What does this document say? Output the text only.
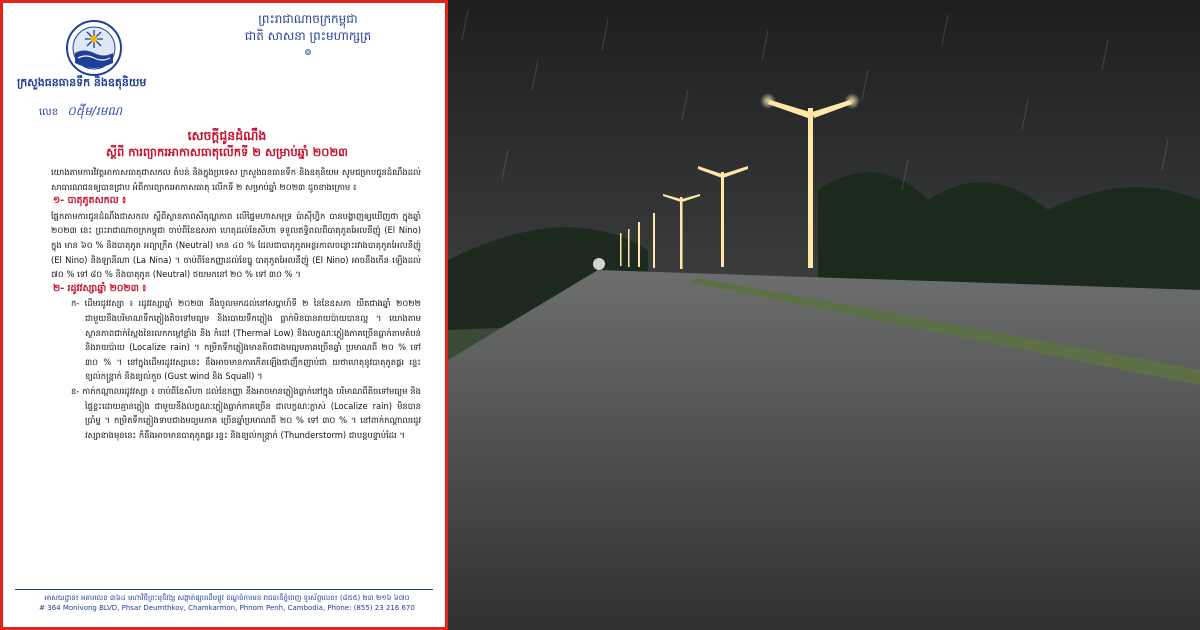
ព្រះរាជាណាចក្រកម្ពុជា
ជាតិ សាសនា ព្រះមហាក្សត្រ
៙
ក្រសួងធនធានទឹក និងឧតុនិយម
លេខ ០៥៉ីម/រមណ
សេចក្ដីជូនដំណឹង
ស្ដីពី ការព្យាករអាកាសធាតុលើកទី ២ សម្រាប់ឆ្នាំ ២០២៣

យោងតាមការវិវត្តអាកាសធាតុជាសកល តំបន់ និងក្នុងប្រទេស ក្រសួងធនធានទឹក និងឧតុនិយម សូមជម្រាបជូនដំណឹងដល់សាធារណជនឲ្យបានជ្រាប អំពីការព្យាករអាកាសធាតុ លើកទី ២ សម្រាប់ឆ្នាំ ២០២៣ ដូចខាងក្រោម ៖

១- បាតុភូតសកល ៖

ផ្អែកតាមការជូនដំណឹងជាសកល ស្ដីពីស្ថានភាពសីតុណ្ហភាព លើផ្ទៃមហាសមុទ្រ ប៉ាស៊ីហ្វិក បានបង្ហាញឲ្យឃើញថា ក្នុងឆ្នាំ ២០២៣ នេះ ព្រះរាជាណាចក្រកម្ពុជា ចាប់ពីខែឧសភា ហេតុដល់ខែសីហា ទទួលឥទ្ធិពលពីបាតុភូតអែលនីញ៉ូ (El Nino) ក្នុង មាន ៦០ % និងបាតុភូត អព្យាក្រឹត (Neutral) មាន ៤០ % ដែលជាបាតុភូតអន្តរកាលចន្លោះរវាងបាតុភូតអែលនីញ៉ូ (El Nino) និងឡានីណា (La Nina) ។ ចាប់ពីខែកញ្ញាដល់ខែធ្នូ បាតុភូតអែលនីញ៉ូ (El Nino) អាចនឹងកើន ឡើងដល់ ៧០ % ទៅ ៨០ % និងបាតុភូត (Neutral) ថយមកនៅ ២០ % ទៅ ៣០ % ។

២- រដូវវស្សាឆ្នាំ ២០២៣ ៖

ក- ដើមរដូវវស្សា ៖ រដូវវស្សាឆ្នាំ ២០២៣ នឹងចូលមកដល់នៅសប្ដាហ៍ទី ២ នៃខែឧសភា យឺតជាងឆ្នាំ ២០២២ ជាមួយនឹងបរិមាណទឹកភ្លៀងតិចទៅមធ្យម និងរបាយទឹកភ្លៀង ធ្លាក់មិនបានរាយប៉ាយបានល្អ ។ យោងតាមស្ថានភាពជាក់ស្ដែងនៃរលកកម្ដៅខ្លាំង និង កំដៅ (Thermal Low) និងលក្ខណៈភ្លៀងភាគច្រើនធ្លាក់តាមតំបន់ និងរាយប៉ាយ (Localize rain) ។ កម្រិតទឹកភ្លៀងមានតិចជាងមធ្យមភាគច្រើនឆ្នាំ ប្រមាណពី ២០ % ទៅ ៣០ % ។ នៅក្នុងដើមរដូវវស្សានេះ នឹងអាចមានការកើតឡើងជាញឹកញាប់ជា យថាហេតុនូវបាតុភូតផ្គរ រន្ទះ ខ្យល់កន្ត្រាក់ និងខ្យល់កួច (Gust wind និង Squall) ។

ខ- កាក់កណ្ដាលរដូវវស្សា ៖ ចាប់ពីខែសីហា ដល់ខែកញ្ញា នឹងអាចមានភ្លៀងធ្លាក់នៅក្នុង បរិមាណពីតិចទៅមធ្យម និងផ្ទៃខ្លះដោយគ្មានភ្លៀង ជាមួយនឹងលក្ខណៈភ្លៀងធ្លាក់ភាគច្រើន ជាលក្ខណៈភ្លាស់ (Localize rain) មិនបានប្រាំម្ន ។ កម្រិតទឹកភ្លៀងទាបជាងមធ្យមភាគ ច្រើនឆ្នាំប្រមាណពី ២០ % ទៅ ៣០ % ។ នៅពាក់កណ្ដាលរដូវវស្សាខាងមុខនេះ ក៏នឹងអាចមានបាតុភូតផ្គរ រន្ទះ និងខ្យល់កន្ត្រាក់ (Thunderstorm) ជាបន្ដបន្ទាប់ដែរ ។

អាសយដ្ឋាន៖ អគារលេខ ៣៦៤ មហាវិថីព្រះមុនីវង្ស សង្កាត់ផ្សារដើមថ្កូវ ខណ្ឌចំការមន រាជធានីភ្នំពេញ ទូរស័ព្ទលេខ៖ (៨៥៥) ២៣ ២១៦ ៦៧០
# 364 Monivong BLVD, Phsar Deumthkov, Chamkarmon, Phnom Penh, Cambodia, Phone: (855) 23 216 670
